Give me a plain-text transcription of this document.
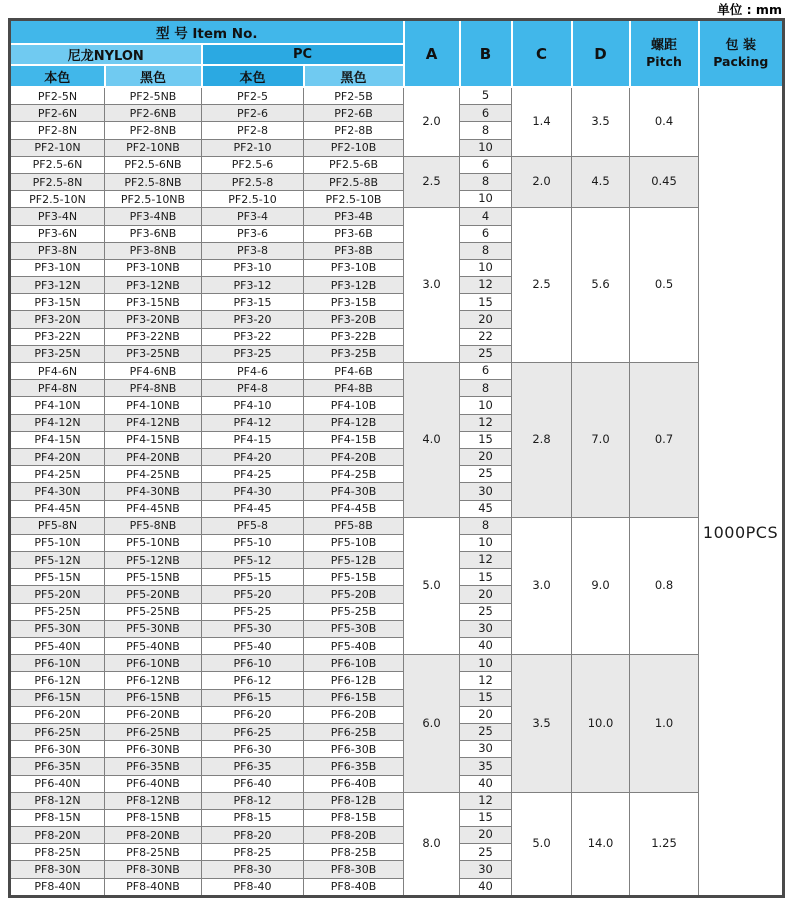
单位 : mm
型 号 Item No.	A	B	C	D	螺距
Pitch

包 装
Packing

尼龙NYLON		PC							
本色	黑色	本色	黑色						
PF2-5N	PF2-5NB	PF2-5	PF2-5B	2.0	5	1.4	3.5	0.4	1000PCS
PF2-6N	PF2-6NB	PF2-6	PF2-6B		6				
PF2-8N	PF2-8NB	PF2-8	PF2-8B		8				
PF2-10N	PF2-10NB	PF2-10	PF2-10B		10				
PF2.5-6N	PF2.5-6NB	PF2.5-6	PF2.5-6B	2.5	6	2.0	4.5	0.45	
PF2.5-8N	PF2.5-8NB	PF2.5-8	PF2.5-8B		8				
PF2.5-10N	PF2.5-10NB	PF2.5-10	PF2.5-10B		10				
PF3-4N	PF3-4NB	PF3-4	PF3-4B	3.0	4	2.5	5.6	0.5	
PF3-6N	PF3-6NB	PF3-6	PF3-6B		6				
PF3-8N	PF3-8NB	PF3-8	PF3-8B		8				
PF3-10N	PF3-10NB	PF3-10	PF3-10B		10				
PF3-12N	PF3-12NB	PF3-12	PF3-12B		12				
PF3-15N	PF3-15NB	PF3-15	PF3-15B		15				
PF3-20N	PF3-20NB	PF3-20	PF3-20B		20				
PF3-22N	PF3-22NB	PF3-22	PF3-22B		22				
PF3-25N	PF3-25NB	PF3-25	PF3-25B		25				
PF4-6N	PF4-6NB	PF4-6	PF4-6B	4.0	6	2.8	7.0	0.7	
PF4-8N	PF4-8NB	PF4-8	PF4-8B		8				
PF4-10N	PF4-10NB	PF4-10	PF4-10B		10				
PF4-12N	PF4-12NB	PF4-12	PF4-12B		12				
PF4-15N	PF4-15NB	PF4-15	PF4-15B		15				
PF4-20N	PF4-20NB	PF4-20	PF4-20B		20				
PF4-25N	PF4-25NB	PF4-25	PF4-25B		25				
PF4-30N	PF4-30NB	PF4-30	PF4-30B		30				
PF4-45N	PF4-45NB	PF4-45	PF4-45B		45				
PF5-8N	PF5-8NB	PF5-8	PF5-8B	5.0	8	3.0	9.0	0.8	
PF5-10N	PF5-10NB	PF5-10	PF5-10B		10				
PF5-12N	PF5-12NB	PF5-12	PF5-12B		12				
PF5-15N	PF5-15NB	PF5-15	PF5-15B		15				
PF5-20N	PF5-20NB	PF5-20	PF5-20B		20				
PF5-25N	PF5-25NB	PF5-25	PF5-25B		25				
PF5-30N	PF5-30NB	PF5-30	PF5-30B		30				
PF5-40N	PF5-40NB	PF5-40	PF5-40B		40				
PF6-10N	PF6-10NB	PF6-10	PF6-10B	6.0	10	3.5	10.0	1.0	
PF6-12N	PF6-12NB	PF6-12	PF6-12B		12				
PF6-15N	PF6-15NB	PF6-15	PF6-15B		15				
PF6-20N	PF6-20NB	PF6-20	PF6-20B		20				
PF6-25N	PF6-25NB	PF6-25	PF6-25B		25				
PF6-30N	PF6-30NB	PF6-30	PF6-30B		30				
PF6-35N	PF6-35NB	PF6-35	PF6-35B		35				
PF6-40N	PF6-40NB	PF6-40	PF6-40B		40				
PF8-12N	PF8-12NB	PF8-12	PF8-12B	8.0	12	5.0	14.0	1.25	
PF8-15N	PF8-15NB	PF8-15	PF8-15B		15				
PF8-20N	PF8-20NB	PF8-20	PF8-20B		20				
PF8-25N	PF8-25NB	PF8-25	PF8-25B		25				
PF8-30N	PF8-30NB	PF8-30	PF8-30B		30				
PF8-40N	PF8-40NB	PF8-40	PF8-40B		40				
